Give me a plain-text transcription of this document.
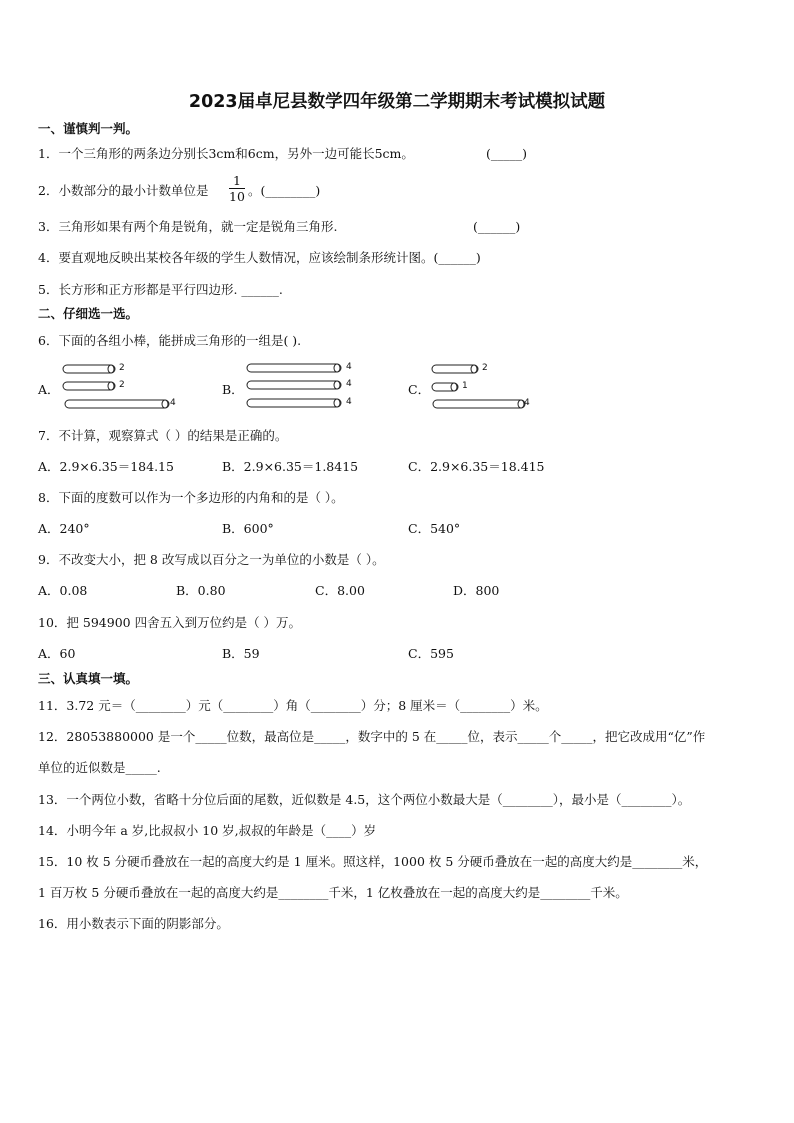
2023届卓尼县数学四年级第二学期期末考试模拟试题
一、谨慎判一判。
1．一个三角形的两条边分别长3cm和6cm，另外一边可能长5cm。	(_____)
2．小数部分的最小计数单位是 $\frac{1}{10}$ 。(________)
3．三角形如果有两个角是锐角，就一定是锐角三角形.	(______)
4．要直观地反映出某校各年级的学生人数情况，应该绘制条形统计图。(______)
5．长方形和正方形都是平行四边形. ______.
二、仔细选一选。
6．下面的各组小棒，能拼成三角形的一组是( ).
A．
2
2
4
B．
4
4
4
C．
2
1
4
7．不计算，观察算式（ ）的结果是正确的。
A．2.9×6.35＝184.15	B．2.9×6.35＝1.8415	C．2.9×6.35＝18.415
8．下面的度数可以作为一个多边形的内角和的是（ ）。
A．240°	B．600°	C．540°
9．不改变大小，把 8 改写成以百分之一为单位的小数是（ ）。
A．0.08	B．0.80	C．8.00	D．800
10．把 594900 四舍五入到万位约是（ ）万。
A．60	B．59	C．595
三、认真填一填。
11．3.72 元＝（________）元（________）角（________）分；8 厘米＝（________）米。
12．28053880000 是一个_____位数，最高位是_____，数字中的 5 在_____位，表示_____个_____，把它改成用“亿”作
单位的近似数是_____.
13．一个两位小数，省略十分位后面的尾数，近似数是 4.5，这个两位小数最大是（________），最小是（________）。
14．小明今年 a 岁,比叔叔小 10 岁,叔叔的年龄是（____）岁
15．10 枚 5 分硬币叠放在一起的高度大约是 1 厘米。照这样，1000 枚 5 分硬币叠放在一起的高度大约是________米，
1 百万枚 5 分硬币叠放在一起的高度大约是________千米，1 亿枚叠放在一起的高度大约是________千米。
16．用小数表示下面的阴影部分。
